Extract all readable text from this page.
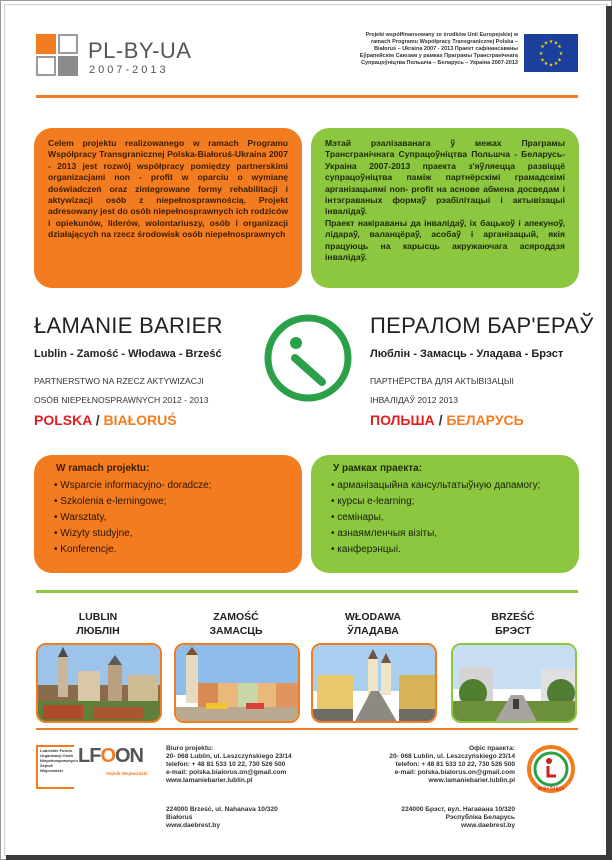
PL-BY-UA
2007-2013
Projekt współfinansowany ze środków Unii Europejskiej w ramach Programu Współpracy Transgranicznej Polska – Białoruś – Ukraina 2007 - 2013 Праект сафінансаваны Еўрапейскім Саюзам у рамках Праграмы Трансгранічнага Супрацоўніцтва Польшча – Беларусь – Украіна 2007-2013
★ ★
★
★
★
★
★
★
★
★
★
★

Celem projektu realizowanego w ramach Programu Współpracy Transgranicznej Polska-Białoruś-Ukraina 2007 - 2013 jest rozwój współpracy pomiędzy partnerskimi organizacjami non - profit w oparciu o wymianę doświadczeń oraz zintegrowane formy rehabilitacji i aktywizacji osób z niepełnosprawnością. Projekt adresowany jest do osób niepełnosprawnych ich rodziców i opiekunów, liderów, wolontariuszy, osób i organizacji działających na rzecz środowisk osób niepełnosprawnych

Мэтай рэалізаванага ў межах Праграмы Трансгранічнага Супрацоўніцтва Польшча - Беларусь-Украіна 2007-2013 праекта з'яўляецца развіццё супрацоўніцтва паміж партнёрскімі грамадскімі арганізацыямі non- profit на аснове абмена досведам і інтэграваных формаў рэабілітацыі і актывізацыі інвалідаў.

Праект накіраваны да інвалідаў, іх бацькоў і апекуноў, лідараў, валанцёраў, асобаў і арганізацый, якія працуюць на карысць акружаючага асяроддзя інвалідаў.

ŁAMANIE BARIER	ПЕРАЛОМ БАР'ЕРАЎ
Lublin - Zamość - Włodawa - Brześć	Люблін - Замасць - Уладава - Брэст
PARTNERSTWO NA RZECZ AKTYWIZACJI
OSÓB NIEPEŁNOSPRAWNYCH 2012 - 2013
ПАРТНЁРСТВА ДЛЯ АКТЫВІЗАЦЫІ
ІНВАЛІДАЎ 2012 2013
POLSKA / BIAŁORUŚ	ПОЛЬША / БЕЛАРУСЬ
W ramach projektu:
• Wsparcie informacyjno- doradcze;
• Szkolenia e-lerningowe;
• Warsztaty,
• Wizyty studyjne,
• Konferencje.
У рамках праекта:
• арманізацыйна кансультатыўную дапамогу;
• курсы e-learning;
• семінары,
• азнаямленчыя візіты,
• канферэнцыі.
LUBLIN
ЛЮБЛІН
ZAMOŚĆ
ЗАМАСЦЬ
WŁODAWA
ЎЛАДАВА
BRZEŚĆ
БРЭСТ
Lubelskie Forum Organizacji Osób Niepełnosprawnych Sejmik Wojewódzki
LFOON
Sejmik Wojewódzki
Biuro projektu:
20- 068 Lublin, ul. Leszczyńskiego 23/14
telefon: + 48 81 533 10 22, 730 526 500
e-mail: polska.bialorus.on@gmail.com
www.lamaniebarier.lublin.pl
Офіс праекта:
20- 068 Lublin, ul. Leszczyńskiego 23/14
telefon: + 48 81 533 10 22, 730 526 500
e-mail: polska.bialorus.on@gmail.com
www.lamaniebarier.lublin.pl
224000 Brześć, ul. Nahanava 10/320
Białoruś
www.daebrest.by
224000 Брэст, вул. Нагавана 10/320
Рэспубліка Беларусь
www.daebrest.by
ИНВАЛИДОВ
